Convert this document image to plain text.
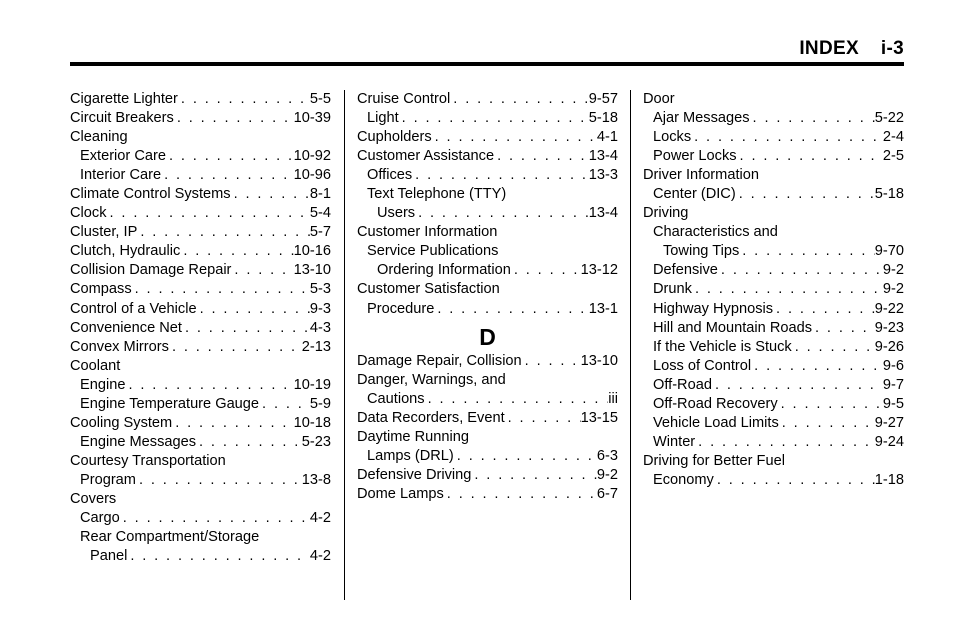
INDEX i-3
Cigarette Lighter . . .	5-5
Circuit Breakers . . .	10-39
Cleaning
Exterior Care . . .	10-92
Interior Care . . .	10-96
Climate Control Systems . . .	8-1
Clock . . .	5-4
Cluster, IP . . .	5-7
Clutch, Hydraulic . . .	10-16
Collision Damage Repair . . .	13-10
Compass . . .	5-3
Control of a Vehicle . . .	9-3
Convenience Net . . .	4-3
Convex Mirrors . . .	2-13
Coolant
Engine . . .	10-19
Engine Temperature Gauge . . .	5-9
Cooling System . . .	10-18
Engine Messages . . .	5-23
Courtesy Transportation
Program . . .	13-8
Covers
Cargo . . .	4-2
Rear Compartment/Storage
Panel . . .	4-2
Cruise Control . . .	9-57
Light . . .	5-18
Cupholders . . .	4-1
Customer Assistance . . .	13-4
Offices . . .	13-3
Text Telephone (TTY)
Users . . .	13-4
Customer Information
Service Publications
Ordering Information . . .	13-12
Customer Satisfaction
Procedure . . .	13-1
D
Damage Repair, Collision . . .	13-10
Danger, Warnings, and
Cautions . . .	iii
Data Recorders, Event . . .	13-15
Daytime Running
Lamps (DRL) . . .	6-3
Defensive Driving . . .	9-2
Dome Lamps . . .	6-7
Door
Ajar Messages . . .	5-22
Locks . . .	2-4
Power Locks . . .	2-5
Driver Information
Center (DIC) . . .	5-18
Driving
Characteristics and
Towing Tips . . .	9-70
Defensive . . .	9-2
Drunk . . .	9-2
Highway Hypnosis . . .	9-22
Hill and Mountain Roads . . .	9-23
If the Vehicle is Stuck . . .	9-26
Loss of Control . . .	9-6
Off-Road . . .	9-7
Off-Road Recovery . . .	9-5
Vehicle Load Limits . . .	9-27
Winter . . .	9-24
Driving for Better Fuel
Economy . . .	1-18
